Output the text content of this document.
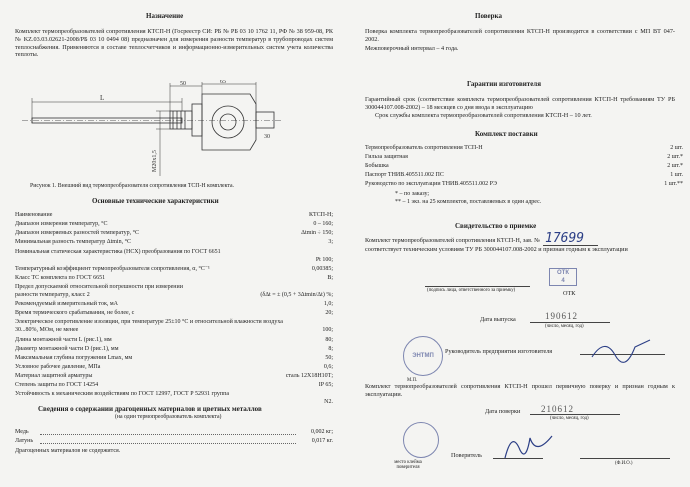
Назначение
Комплект термопреобразователей сопротивления КТСП-Н (Госреестр СИ: РБ № РБ 03 10 1762 11, РФ № 38 959-08, РК № KZ.03.03.02621-2008/РБ 03 10 0494 08) предназначен для измерения разности температур в трубопроводах систем теплоснабжения. Применяются в составе теплосчетчиков и информационно-измерительных систем учета количества теплоты.
L
50	65
30
М20х1,5
Рисунок 1. Внешний вид термопреобразователя сопротивления ТСП-Н комплекта.
Основные технические характеристики
Наименование	КТСП-Н;
Диапазон измерения температур, °С	0 – 160;
Диапазон измеряемых разностей температур, °С	Δtmin ÷ 150;
Минимальная разность температур Δtmin, °С	3;
Номинальная статическая характеристика (НСХ) преобразования по ГОСТ 6651
Pt 100;
Температурный коэффициент термопреобразователя сопротивления, α, °С⁻¹	0,00385;
Класс ТС комплекта по ГОСТ 6651	B;
Предел допускаемой относительной погрешности при измерении разности температур, класс 2	(δΔt = ± (0,5 + 3Δtmin/Δt) %;
Рекомендуемый измерительный ток, мА	1,0;
Время термического срабатывания, не более, с	20;
Электрическое сопротивление изоляции, при температуре 25±10 °С и относительной влажности воздуха 30...80%, МОм, не менее	100;
Длина монтажной части L (рис.1), мм	80;
Диаметр монтажной части D (рис.1), мм	8;
Максимальная глубина погружения Lmax, мм	50;
Условное рабочее давление, МПа	0,6;
Материал защитной арматуры	сталь 12Х18Н10Т;
Степень защиты по ГОСТ 14254	IP 65;
Устойчивость к механическим воздействиям по ГОСТ 12997, ГОСТ Р 52931 группа
N2.
Сведения о содержании драгоценных материалов и цветных металлов
(на один термопреобразователь комплекта)
Медь	0,002 кг;
Латунь	0,017 кг.
Драгоценных материалов не содержится.
Поверка
Поверка комплекта термопреобразователей сопротивления КТСП-Н производится в соответствии с МП ВТ 047-2002.
Межповерочный интервал – 4 года.
Гарантии изготовителя
Гарантийный срок (соответствие комплекта термопреобразователей сопротивления КТСП-Н требованиям ТУ РБ 300044107.008-2002) – 18 месяцев со дня ввода в эксплуатацию
Срок службы комплекта термопреобразователей сопротивления КТСП-Н – 10 лет.
Комплект поставки
Термопреобразователь сопротивления ТСП-Н	2 шт.
Гильза защитная	2 шт.*
Бобышка	2 шт.*
Паспорт ТНИВ.405511.002 ПС	1 шт.
Руководство по эксплуатации ТНИВ.405511.002 РЭ	1 шт.**
* – по заказу;
** – 1 экз. на 25 комплектов, поставляемых в один адрес.
Свидетельство о приемке
Комплект термопреобразователей сопротивления КТСП-Н, зав. № 17699
соответствует техническим условиям ТУ РБ 300044107.008-2002 и признан годным к эксплуатации
ОТК
4
(подпись лица, ответственного за приемку)	ОТК
Дата выпуска	190612
(число, месяц, год)
ЭНТМП
Руководитель предприятия изготовителя
М.П.
Комплект термопреобразователей сопротивления КТСП-Н прошел первичную поверку и признан годным к эксплуатации.
Дата поверки 210612
(число, месяц, год)
место клейма поверителя
Поверитель
(Ф.И.О.)
